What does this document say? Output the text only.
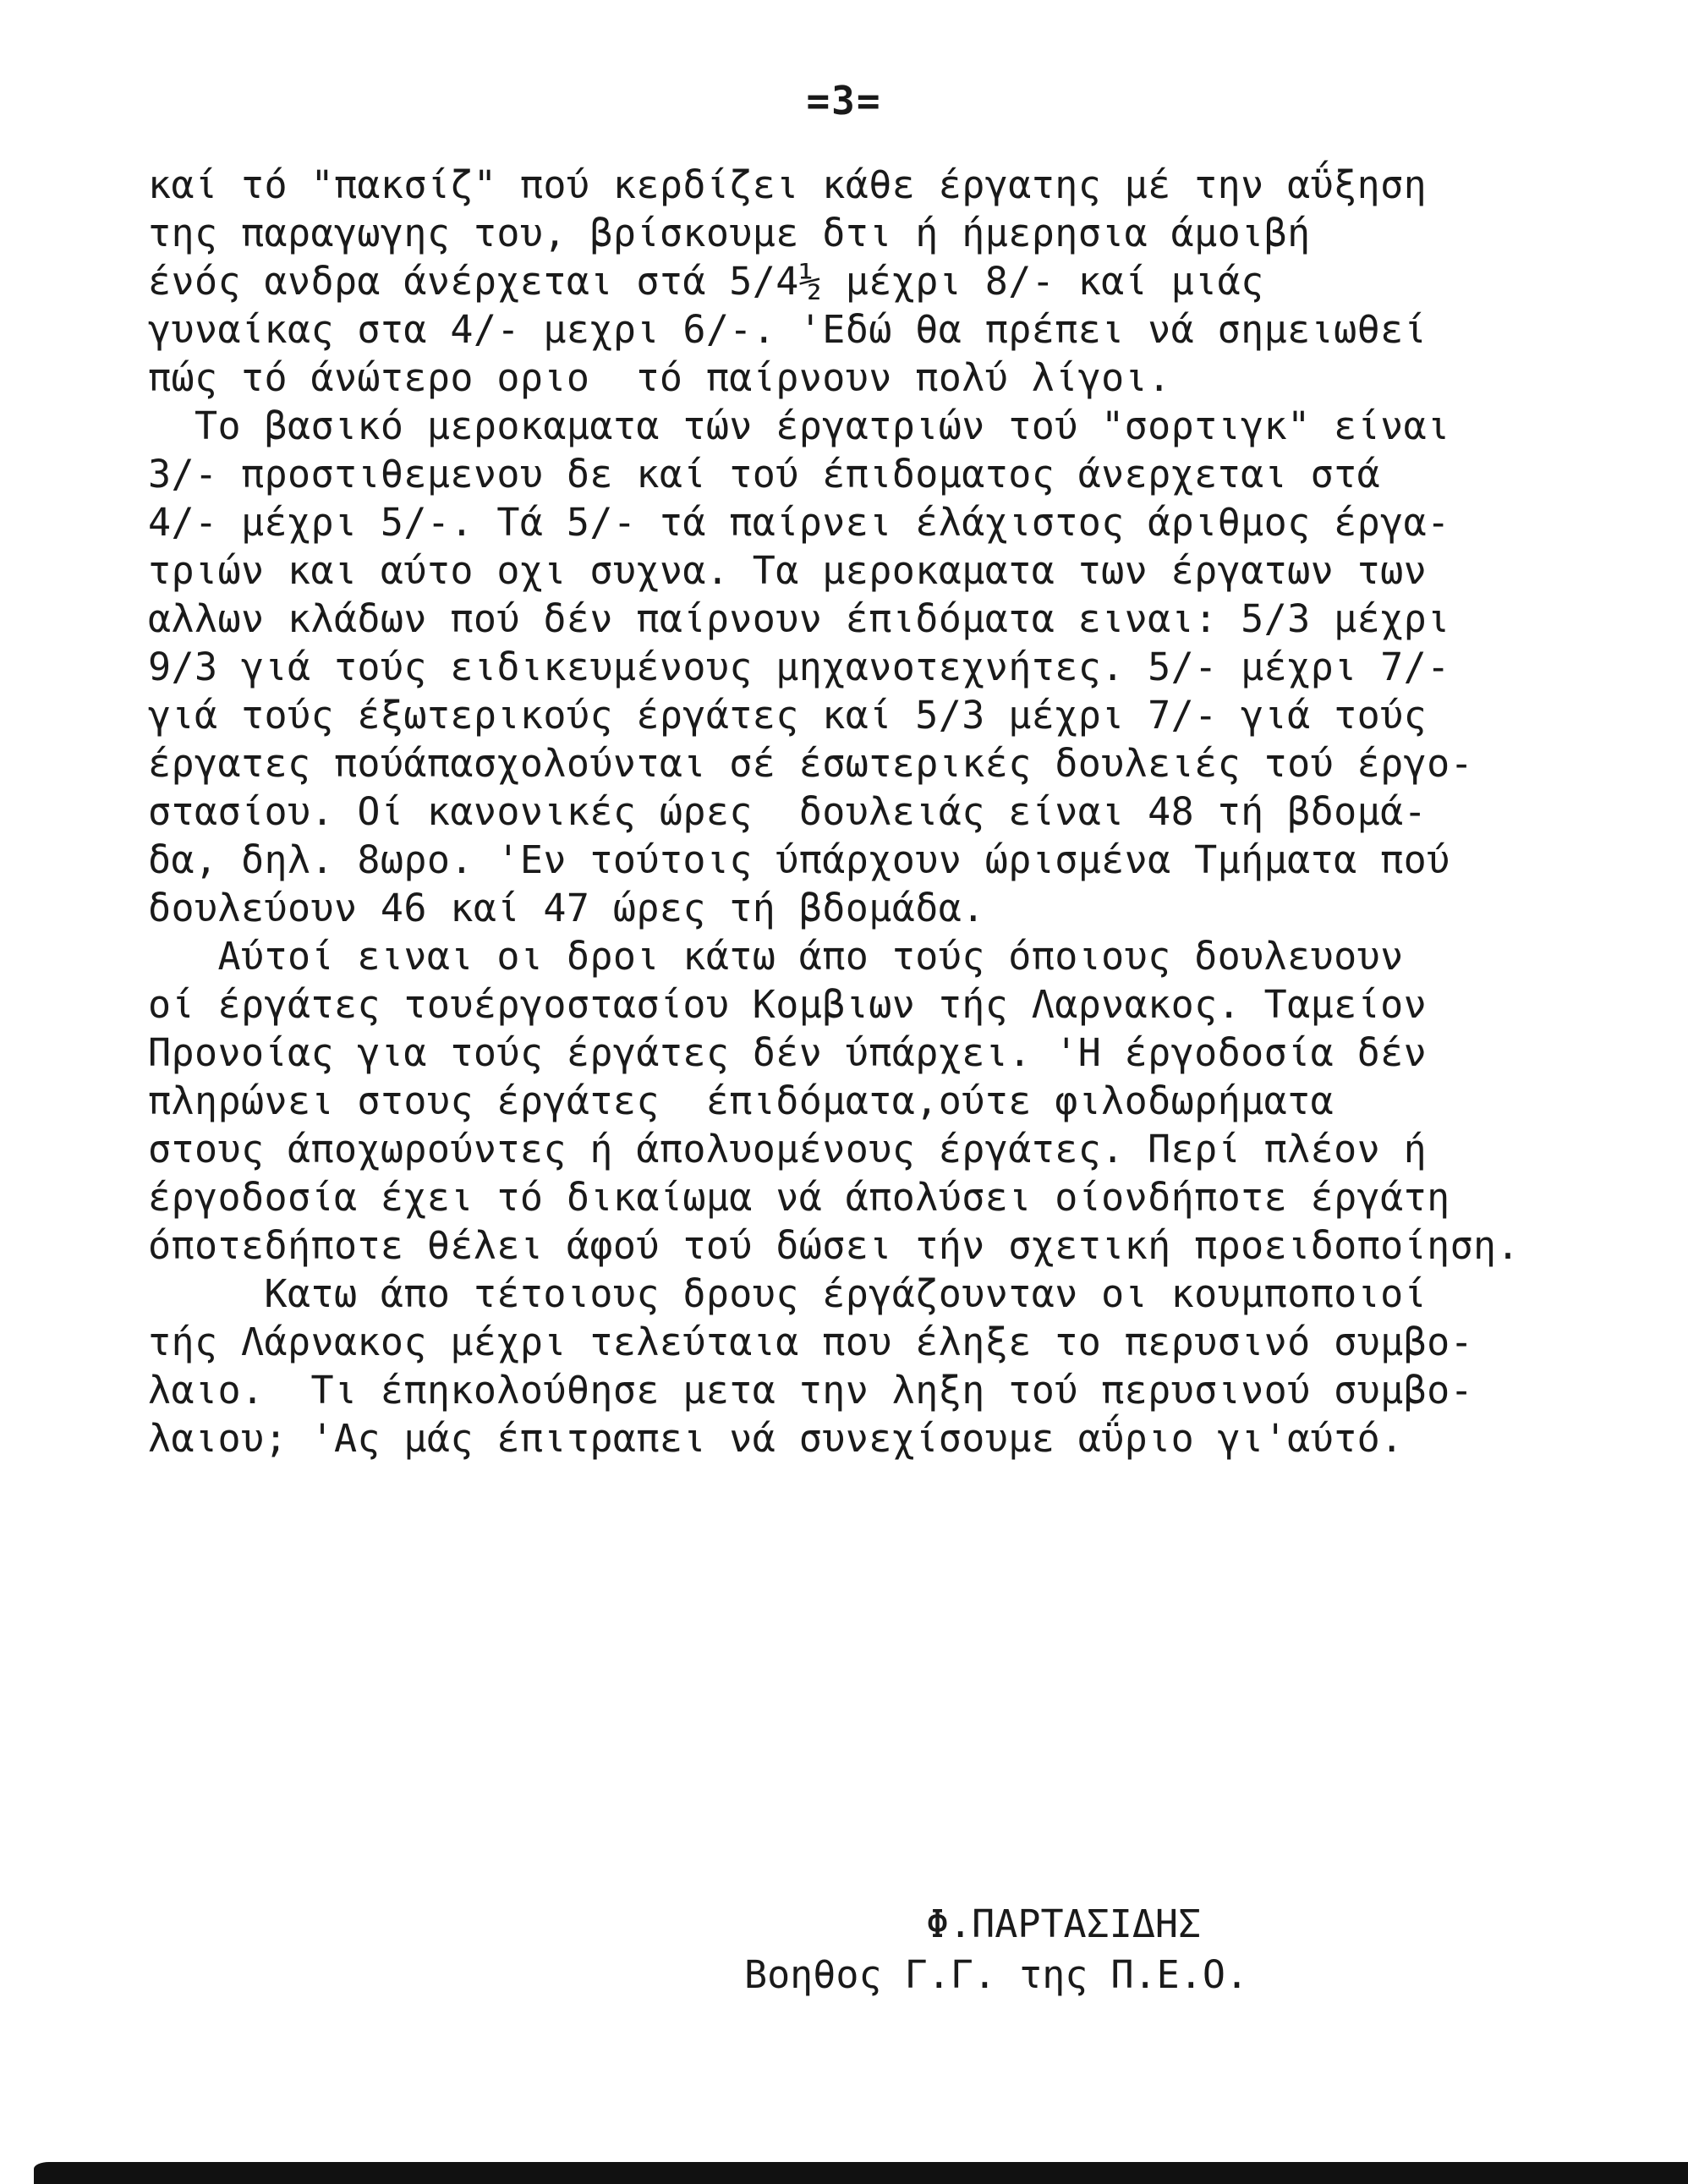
=3=
καί τό "πακσίζ" πού κερδίζει κάθε έργατης μέ την αΰξηση
της παραγωγης του, βρίσκουμε δτι ή ήμερησια άμοιβή
ένός ανδρα άνέρχεται στά 5/4½ μέχρι 8/- καί μιάς
γυναίκας στα 4/- μεχρι 6/-. 'Εδώ θα πρέπει νά σημειωθεί
πώς τό άνώτερο οριο  τό παίρνουν πολύ λίγοι.
Το βασικό μεροκαματα τών έργατριών τού "σορτιγκ" είναι
3/- προστιθεμενου δε καί τού έπιδοματος άνερχεται στά
4/- μέχρι 5/-. Τά 5/- τά παίρνει έλάχιστος άριθμος έργα-
τριών και αύτο οχι συχνα. Τα μεροκαματα των έργατων των
αλλων κλάδων πού δέν παίρνουν έπιδόματα ειναι: 5/3 μέχρι
9/3 γιά τούς ειδικευμένους μηχανοτεχνήτες. 5/- μέχρι 7/-
γιά τούς έξωτερικούς έργάτες καί 5/3 μέχρι 7/- γιά τούς
έργατες πούάπασχολούνται σέ έσωτερικές δουλειές τού έργο-
στασίου. Οί κανονικές ώρες  δουλειάς είναι 48 τή βδομά-
δα, δηλ. 8ωρο. 'Εν τούτοις ύπάρχουν ώρισμένα Τμήματα πού
δουλεύουν 46 καί 47 ώρες τή βδομάδα.
Αύτοί ειναι οι δροι κάτω άπο τούς όποιους δουλευουν
οί έργάτες τουέργοστασίου Κομβιων τής Λαρνακος. Ταμείον
Προνοίας για τούς έργάτες δέν ύπάρχει. 'Η έργοδοσία δέν
πληρώνει στους έργάτες  έπιδόματα,ούτε φιλοδωρήματα
στους άποχωρούντες ή άπολυομένους έργάτες. Περί πλέον ή
έργοδοσία έχει τό δικαίωμα νά άπολύσει οίονδήποτε έργάτη
όποτεδήποτε θέλει άφού τού δώσει τήν σχετική προειδοποίηση.
Κατω άπο τέτοιους δρους έργάζουνταν οι κουμποποιοί
τής Λάρνακος μέχρι τελεύταια που έληξε το περυσινό συμβο-
λαιο.  Τι έπηκολούθησε μετα την ληξη τού περυσινού συμβο-
λαιου; 'Ας μάς έπιτραπει νά συνεχίσουμε αΰριο γι'αύτό.
Φ.ΠΑΡΤΑΣΙΔΗΣ
Βοηθος Γ.Γ. της Π.Ε.Ο.
